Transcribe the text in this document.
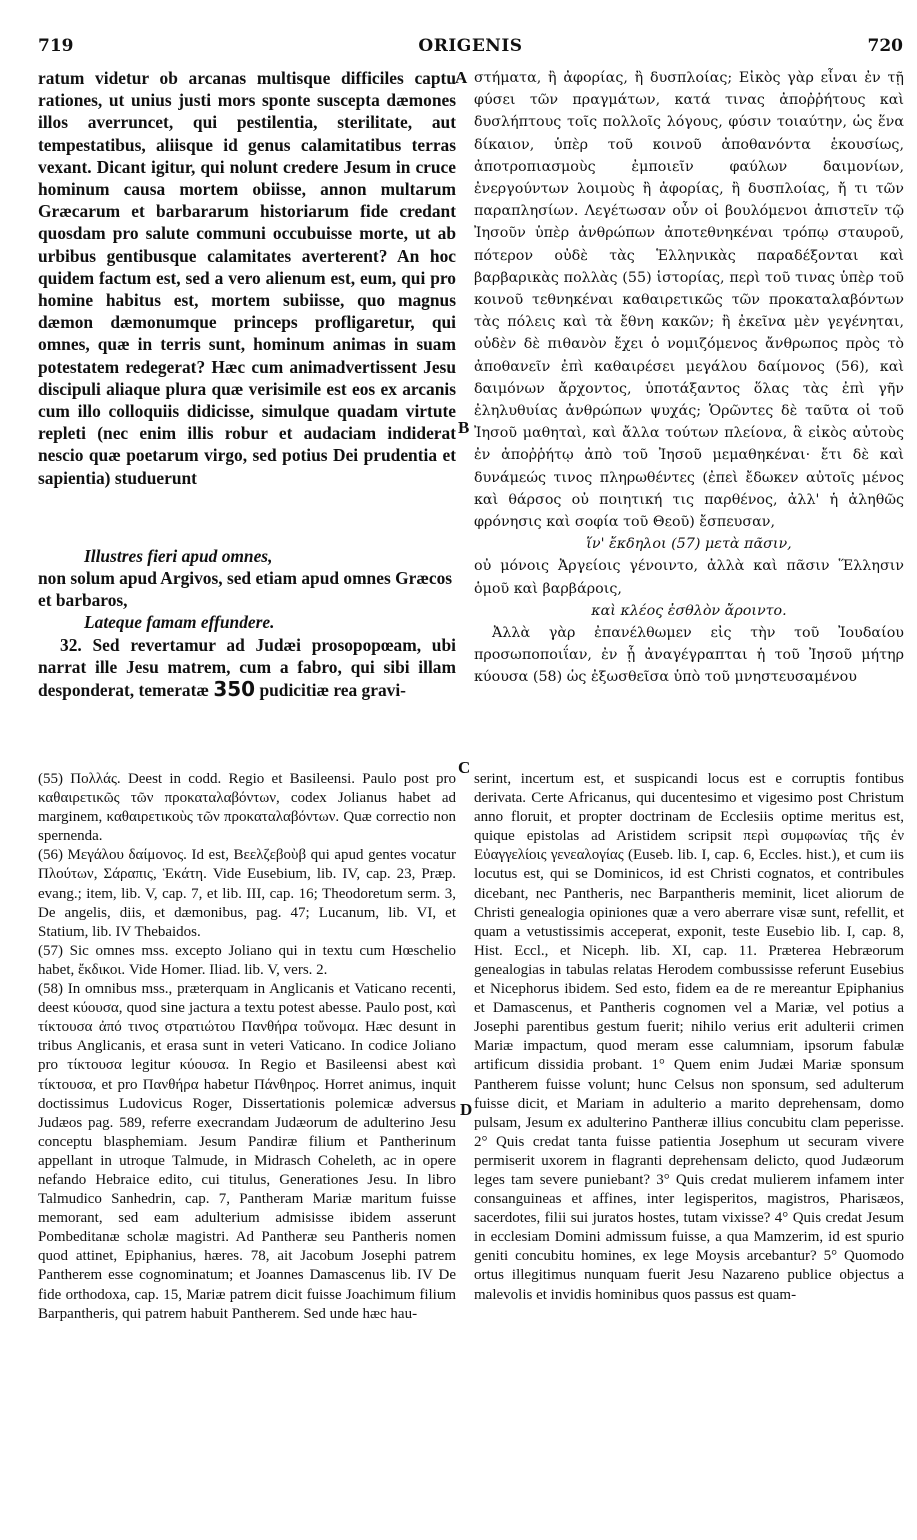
719	ORIGENIS	720
A
B
C
D

ratum videtur ob arcanas multisque difficiles captu rationes, ut unius justi mors sponte suscepta dæmones illos averruncet, qui pestilentia, sterilitate, aut tempestatibus, aliisque id genus calamitatibus terras vexant. Dicant igitur, qui nolunt credere Jesum in cruce hominum causa mortem obiisse, annon multarum Græcarum et barbararum historiarum fide credant quosdam pro salute communi occubuisse morte, ut ab urbibus gentibusque calamitates averterent? An hoc quidem factum est, sed a vero alienum est, eum, qui pro homine habitus est, mortem subiisse, quo magnus dæmon dæmonumque princeps profligaretur, qui omnes, quæ in terris sunt, hominum animas in suam potestatem redegerat? Hæc cum animadvertissent Jesu discipuli aliaque plura quæ verisimile est eos ex arcanis cum illo colloquiis didicisse, simulque quadam virtute repleti (nec enim illis robur et audaciam indiderat nescio quæ poetarum virgo, sed potius Dei prudentia et sapientia) studuerunt

Illustres fieri apud omnes,
non solum apud Argivos, sed etiam apud omnes Græcos et barbaros,
Lateque famam effundere.

32. Sed revertamur ad Judæi prosopopœam, ubi narrat ille Jesu matrem, cum a fabro, qui sibi illam desponderat, temeratæ 350 pudicitiæ rea gravi-

στήματα, ἢ ἀφορίας, ἢ δυσπλοίας; Εἰκὸς γὰρ εἶναι ἐν τῇ φύσει τῶν πραγμάτων, κατά τινας ἀποῤῥήτους καὶ δυσλήπτους τοῖς πολλοῖς λόγους, φύσιν τοιαύτην, ὡς ἕνα δίκαιον, ὑπὲρ τοῦ κοινοῦ ἀποθανόντα ἑκουσίως, ἀποτροπιασμοὺς ἐμποιεῖν φαύλων δαιμονίων, ἐνεργούντων λοιμοὺς ἢ ἀφορίας, ἢ δυσπλοίας, ἤ τι τῶν παραπλησίων. Λεγέτωσαν οὖν οἱ βουλόμενοι ἀπιστεῖν τῷ Ἰησοῦν ὑπὲρ ἀνθρώπων ἀποτεθνηκέναι τρόπῳ σταυροῦ, πότερον οὐδὲ τὰς Ἑλληνικὰς παραδέξονται καὶ βαρβαρικὰς πολλὰς (55) ἱστορίας, περὶ τοῦ τινας ὑπὲρ τοῦ κοινοῦ τεθνηκέναι καθαιρετικῶς τῶν προκαταλαβόντων τὰς πόλεις καὶ τὰ ἔθνη κακῶν; ἢ ἐκεῖνα μὲν γεγένηται, οὐδὲν δὲ πιθανὸν ἔχει ὁ νομιζόμενος ἄνθρωπος πρὸς τὸ ἀποθανεῖν ἐπὶ καθαιρέσει μεγάλου δαίμονος (56), καὶ δαιμόνων ἄρχοντος, ὑποτάξαντος ὅλας τὰς ἐπὶ γῆν ἐληλυθυίας ἀνθρώπων ψυχάς; Ὁρῶντες δὲ ταῦτα οἱ τοῦ Ἰησοῦ μαθηταὶ, καὶ ἄλλα τούτων πλείονα, ἃ εἰκὸς αὐτοὺς ἐν ἀποῤῥήτῳ ἀπὸ τοῦ Ἰησοῦ μεμαθηκέναι· ἔτι δὲ καὶ δυνάμεώς τινος πληρωθέντες (ἐπεὶ ἔδωκεν αὐτοῖς μένος καὶ θάρσος οὐ ποιητική τις παρθένος, ἀλλ' ἡ ἀληθῶς φρόνησις καὶ σοφία τοῦ Θεοῦ) ἔσπευσαν,

ἵν' ἔκδηλοι (57) μετὰ πᾶσιν,

οὐ μόνοις Ἀργείοις γένοιντο, ἀλλὰ καὶ πᾶσιν Ἕλλησιν ὁμοῦ καὶ βαρβάροις,

καὶ κλέος ἐσθλὸν ἄροιντο.

Ἀλλὰ γὰρ ἐπανέλθωμεν εἰς τὴν τοῦ Ἰουδαίου προσωποποιΐαν, ἐν ᾗ ἀναγέγραπται ἡ τοῦ Ἰησοῦ μήτηρ κύουσα (58) ὡς ἐξωσθεῖσα ὑπὸ τοῦ μνηστευσαμένου

(55) Πολλάς. Deest in codd. Regio et Basileensi. Paulo post pro καθαιρετικῶς τῶν προκαταλαβόντων, codex Jolianus habet ad marginem, καθαιρετικοὺς τῶν προκαταλαβόντων. Quæ correctio non spernenda.

(56) Μεγάλου δαίμονος. Id est, Βεελζεβοὺβ qui apud gentes vocatur Πλούτων, Σάραπις, Ἑκάτη. Vide Eusebium, lib. IV, cap. 23, Præp. evang.; item, lib. V, cap. 7, et lib. III, cap. 16; Theodoretum serm. 3, De angelis, diis, et dæmonibus, pag. 47; Lucanum, lib. VI, et Statium, lib. IV Thebaidos.

(57) Sic omnes mss. excepto Joliano qui in textu cum Hœschelio habet, ἔκδικοι. Vide Homer. Iliad. lib. V, vers. 2.

(58) In omnibus mss., præterquam in Anglicanis et Vaticano recenti, deest κύουσα, quod sine jactura a textu potest abesse. Paulo post, καὶ τίκτουσα ἀπό τινος στρατιώτου Πανθήρα τοὔνομα. Hæc desunt in tribus Anglicanis, et erasa sunt in veteri Vaticano. In codice Joliano pro τίκτουσα legitur κύουσα. In Regio et Basileensi abest καὶ τίκτουσα, et pro Πανθήρα habetur Πάνθηρος. Horret animus, inquit doctissimus Ludovicus Roger, Dissertationis polemicæ adversus Judæos pag. 589, referre execrandam Judæorum de adulterino Jesu conceptu blasphemiam. Jesum Pandiræ filium et Pantherinum appellant in utroque Talmude, in Midrasch Coheleth, ac in opere nefando Hebraice edito, cui titulus, Generationes Jesu. In libro Talmudico Sanhedrin, cap. 7, Pantheram Mariæ maritum fuisse memorant, sed eam adulterium admisisse ibidem asserunt Pombeditanæ scholæ magistri. Ad Pantheræ seu Pantheris nomen quod attinet, Epiphanius, hæres. 78, ait Jacobum Josephi patrem Pantherem esse cognominatum; et Joannes Damascenus lib. IV De fide orthodoxa, cap. 15, Mariæ patrem dicit fuisse Joachimum filium Barpantheris, qui patrem habuit Pantherem. Sed unde hæc hau-

serint, incertum est, et suspicandi locus est e corruptis fontibus derivata. Certe Africanus, qui ducentesimo et vigesimo post Christum anno floruit, et propter doctrinam de Ecclesiis optime meritus est, quique epistolas ad Aristidem scripsit περὶ συμφωνίας τῆς ἐν Εὐαγγελίοις γενεαλογίας (Euseb. lib. I, cap. 6, Eccles. hist.), et cum iis locutus est, qui se Dominicos, id est Christi cognatos, et contribules dicebant, nec Pantheris, nec Barpantheris meminit, licet aliorum de Christi genealogia opiniones quæ a vero aberrare visæ sunt, refellit, et quam a vetustissimis acceperat, exponit, teste Eusebio lib. I, cap. 8, Hist. Eccl., et Niceph. lib. XI, cap. 11. Præterea Hebræorum genealogias in tabulas relatas Herodem combussisse referunt Eusebius et Nicephorus ibidem. Sed esto, fidem ea de re mereantur Epiphanius et Damascenus, et Pantheris cognomen vel a Mariæ, vel potius a Josephi parentibus gestum fuerit; nihilo verius erit adulterii crimen Mariæ impactum, quod meram esse calumniam, ipsorum fabulæ artificum dissidia probant. 1° Quem enim Judæi Mariæ sponsum Pantherem fuisse volunt; hunc Celsus non sponsum, sed adulterum fuisse dicit, et Mariam in adulterio a marito deprehensam, domo pulsam, Jesum ex adulterino Pantheræ illius concubitu clam peperisse. 2° Quis credat tanta fuisse patientia Josephum ut securam vivere permiserit uxorem in flagranti deprehensam delicto, quod Judæorum leges tam severe puniebant? 3° Quis credat mulierem infamem inter consanguineas et affines, inter legisperitos, magistros, Pharisæos, sacerdotes, filii sui juratos hostes, tutam vixisse? 4° Quis credat Jesum in ecclesiam Domini admissum fuisse, a qua Mamzerim, id est spurio geniti concubitu homines, ex lege Moysis arcebantur? 5° Quomodo ortus illegitimus nunquam fuerit Jesu Nazareno publice objectus a malevolis et invidis hominibus quos passus est quam-
